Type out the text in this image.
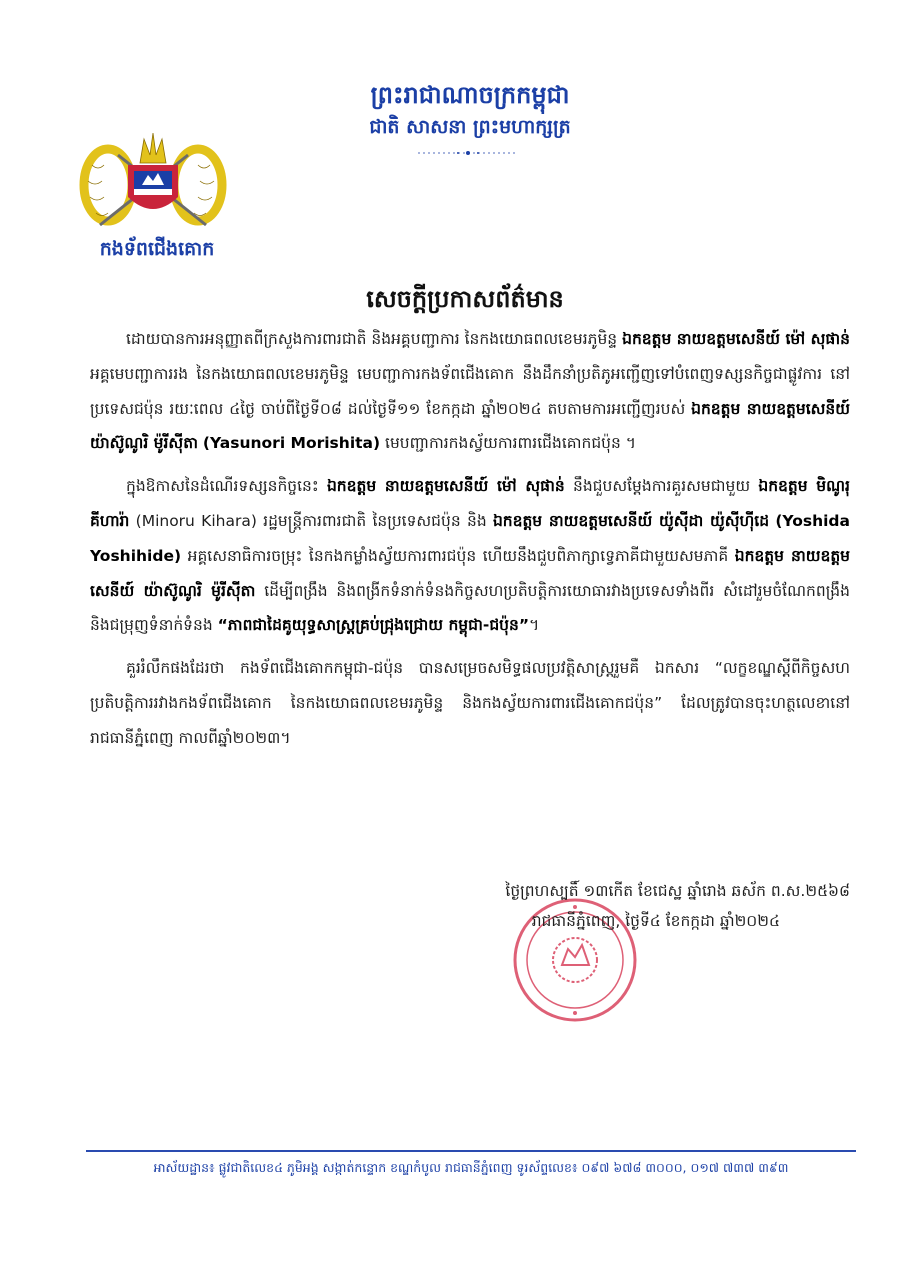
ព្រះរាជាណាចក្រកម្ពុជា
ជាតិ សាសនា ព្រះមហាក្សត្រ
កងទ័ពជើងគោក
សេចក្តីប្រកាសព័ត៌មាន

ដោយបានការអនុញ្ញាតពីក្រសួងការពារជាតិ និងអគ្គបញ្ជាការ នៃកងយោធពលខេមរភូមិន្ទ ឯកឧត្តម នាយឧត្តមសេនីយ៍ ម៉ៅ សុផាន់ អគ្គមេបញ្ជាការរង នៃកងយោធពលខេមរភូមិន្ទ មេបញ្ជាការកងទ័ពជើងគោក នឹងដឹកនាំប្រតិភូអញ្ជើញទៅបំពេញទស្សនកិច្ចជាផ្លូវការ នៅប្រទេសជប៉ុន រយៈពេល ៤ថ្ងៃ ចាប់ពីថ្ងៃទី០៨ ដល់ថ្ងៃទី១១ ខែកក្កដា ឆ្នាំ២០២៤ តបតាមការអញ្ជើញរបស់ ឯកឧត្តម នាយឧត្តមសេនីយ៍ យ៉ាស៊ូណូរិ ម៉ូរីស៊ីតា (Yasunori Morishita) មេបញ្ជាការកងស្វ័យការពារជើងគោកជប៉ុន ។

ក្នុងឱកាសនៃដំណើរទស្សនកិច្ចនេះ ឯកឧត្តម នាយឧត្តមសេនីយ៍ ម៉ៅ សុផាន់ នឹងជួបសម្តែងការគួរសមជាមួយ ឯកឧត្តម មិណូរុ គីហារ៉ា (Minoru Kihara) រដ្ឋមន្ត្រីការពារជាតិ នៃប្រទេសជប៉ុន និង ឯកឧត្តម នាយឧត្តមសេនីយ៍ យ៉ូស៊ីដា យ៉ូស៊ីហ៊ីដេ (Yoshida Yoshihide) អគ្គសេនាធិការចម្រុះ នៃកងកម្លាំងស្វ័យការពារជប៉ុន ហើយនឹងជួបពិភាក្សាទ្វេភាគីជាមួយសមភាគី ឯកឧត្តម នាយឧត្តមសេនីយ៍ យ៉ាស៊ូណូរិ ម៉ូរីស៊ីតា ដើម្បីពង្រឹង និងពង្រីកទំនាក់ទំនងកិច្ចសហប្រតិបត្តិការយោធារវាងប្រទេសទាំងពីរ សំដៅរួមចំណែកពង្រឹង និងជម្រុញទំនាក់ទំនង “ភាពជាដៃគូយុទ្ធសាស្ត្រគ្រប់ជ្រុងជ្រោយ កម្ពុជា-ជប៉ុន”។

គួររំលឹកផងដែរថា កងទ័ពជើងគោកកម្ពុជា-ជប៉ុន បានសម្រេចសមិទ្ធផលប្រវត្តិសាស្ត្ររួមគឺ ឯកសារ “លក្ខខណ្ឌស្តីពីកិច្ចសហប្រតិបត្តិការរវាងកងទ័ពជើងគោក នៃកងយោធពលខេមរភូមិន្ទ និងកងស្វ័យការពារជើងគោកជប៉ុន” ដែលត្រូវបានចុះហត្ថលេខានៅរាជធានីភ្នំពេញ កាលពីឆ្នាំ២០២៣។

ថ្ងៃព្រហស្បតិ៍ ១៣កើត ខែជេស្ឋ ឆ្នាំរោង ឆស័ក ព.ស.២៥៦៨
រាជធានីភ្នំពេញ, ថ្ងៃទី៤ ខែកក្កដា ឆ្នាំ២០២៤
អាស័យដ្ឋាន៖ ផ្លូវជាតិលេខ៤ ភូមិអង្គ សង្កាត់កន្ទោក ខណ្ឌកំបូល រាជធានីភ្នំពេញ ទូរស័ព្ទលេខ៖ ០៩៧ ៦៧៨ ៣០០០, ០១៧ ៧៣៧ ៣៩៣
